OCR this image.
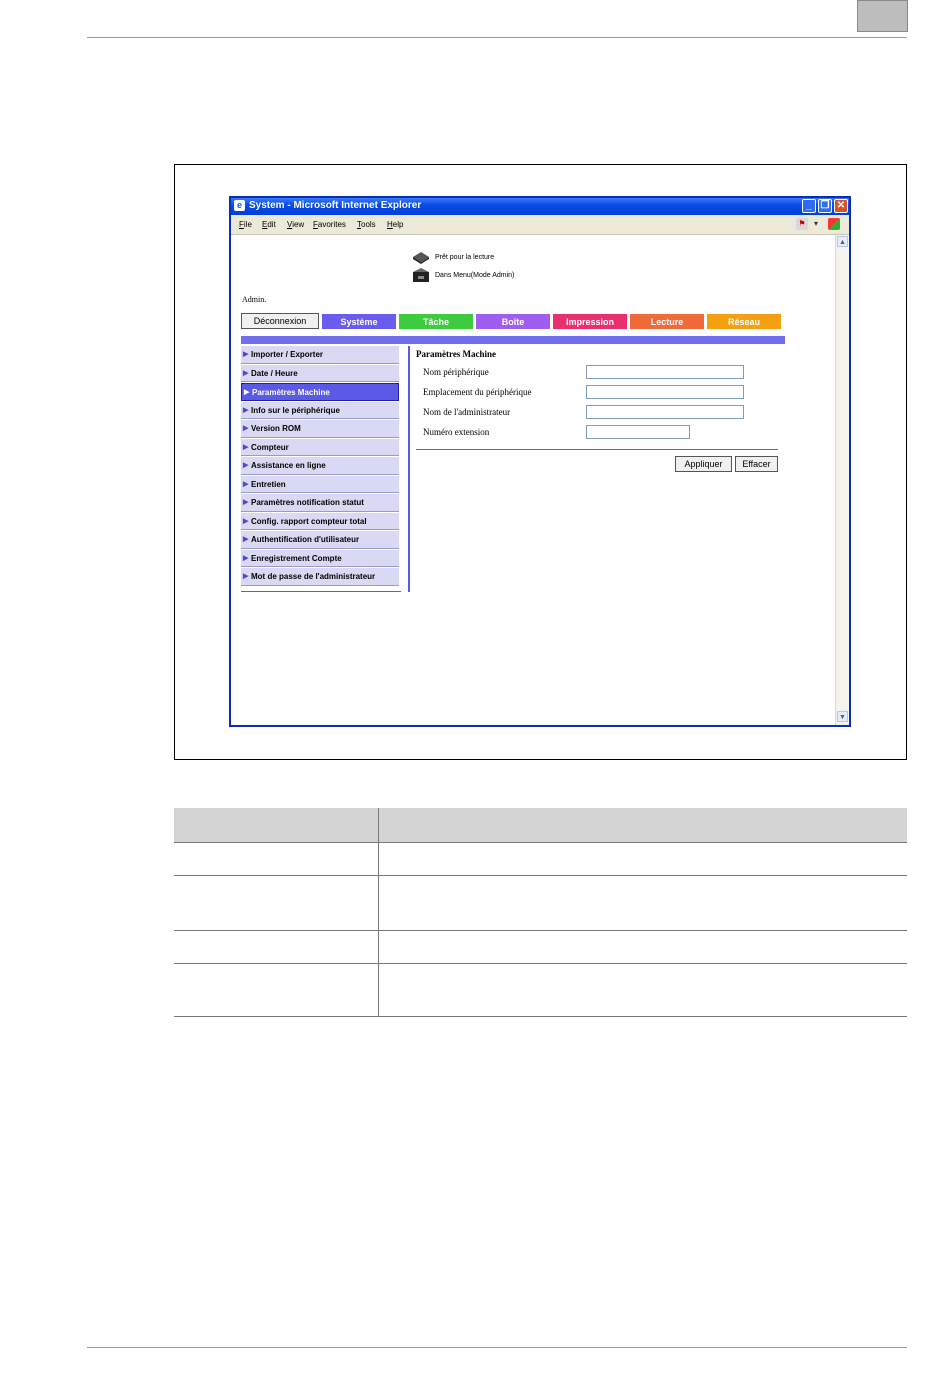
e System - Microsoft Internet Explorer	_ ❐ ✕
File Edit View Favorites Tools Help	⚑	▾
Prêt pour la lecture
Dans Menu(Mode Admin)
Admin.
Déconnexion	Système	Tâche	Boîte	Impression	Lecture	Réseau
▶ Importer / Exporter
▶ Date / Heure
▶ Paramètres Machine
▶ Info sur le périphérique
▶ Version ROM
▶ Compteur
▶ Assistance en ligne
▶ Entretien
▶ Paramètres notification statut
▶ Config. rapport compteur total
▶ Authentification d'utilisateur
▶ Enregistrement Compte
▶ Mot de passe de l'administrateur
Paramètres Machine
Nom périphérique
Emplacement du périphérique
Nom de l'administrateur
Numéro extension
Appliquer	Effacer
▲
▼
